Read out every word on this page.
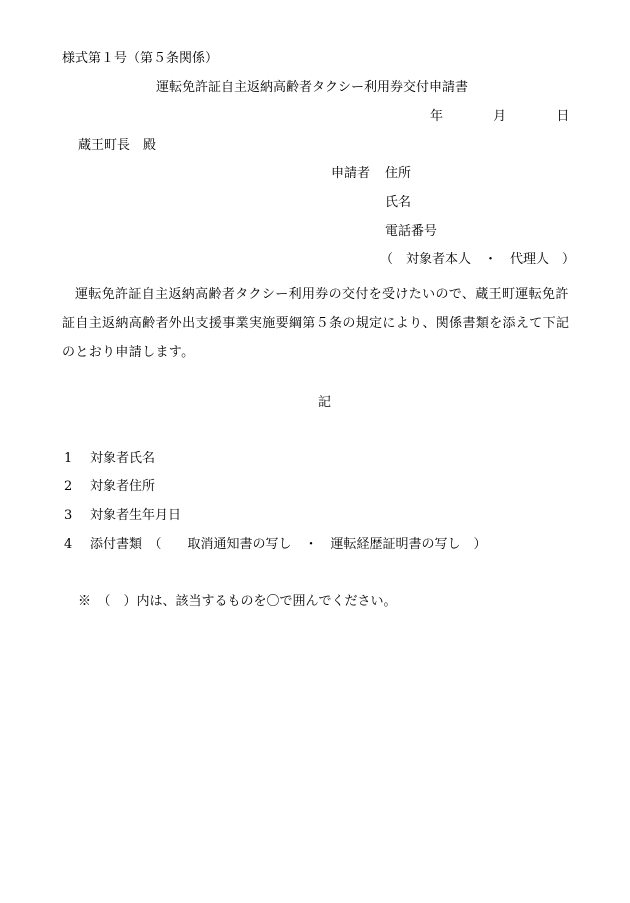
様式第１号（第５条関係）
運転免許証自主返納高齢者タクシー利用券交付申請書
年	月	日
蔵王町長　殿
申請者 住所
氏名
電話番号
（　対象者本人　・　代理人　）
運転免許証自主返納高齢者タクシー利用券の交付を受けたいので、蔵王町運転免許証自主返納高齢者外出支援事業実施要綱第５条の規定により、関係書類を添えて下記のとおり申請します。
記
1 対象者氏名
2 対象者住所
3 対象者生年月日
4 添付書類　（　　取消通知書の写し　・　運転経歴証明書の写し　）
※　（　）内は、該当するものを〇で囲んでください。
